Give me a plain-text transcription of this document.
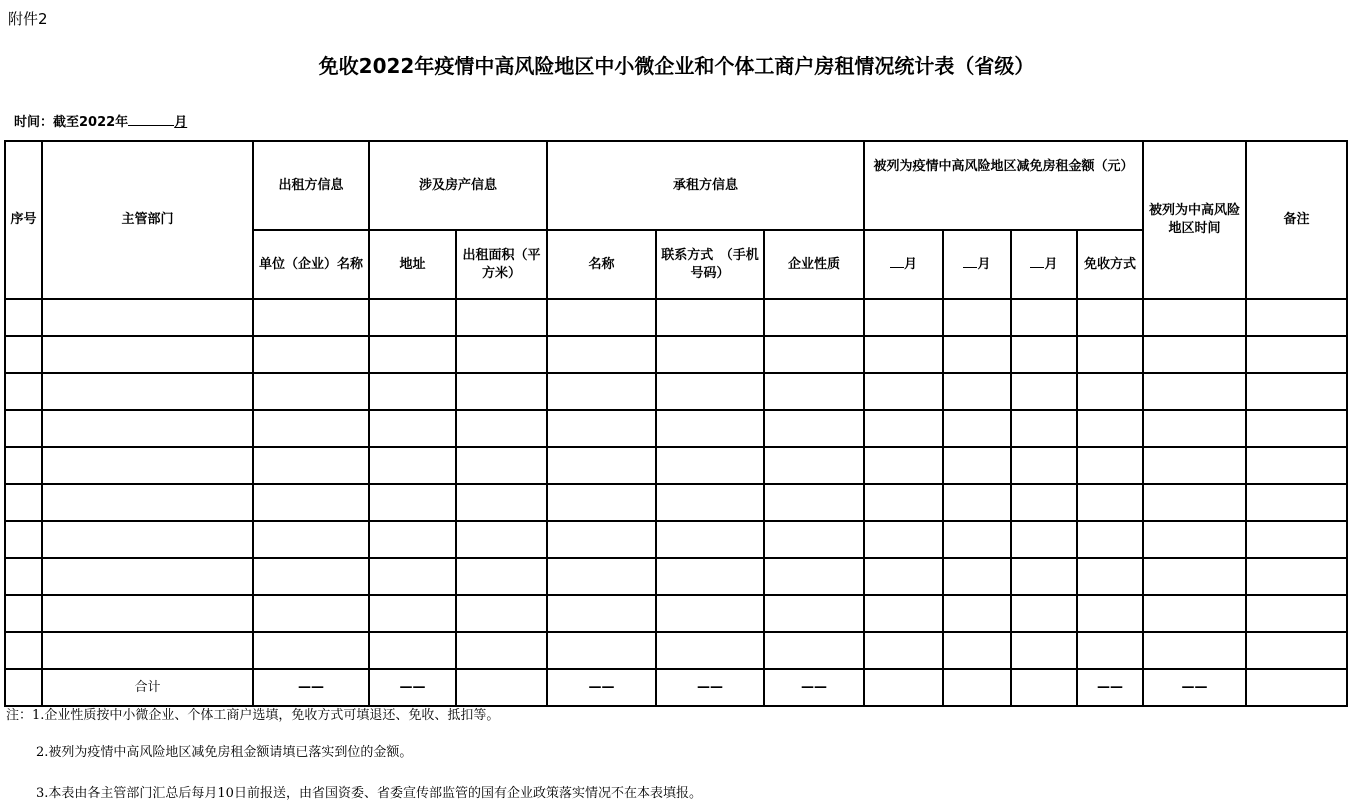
附件2
免收2022年疫情中高风险地区中小微企业和个体工商户房租情况统计表（省级）
时间：截至2022年	月
序号	主管部门	出租方信息	涉及房产信息		承租方信息			被列为疫情中高风险地区减免房租金额（元）				被列为中高风险地区时间	备注
		单位（企业）名称	地址	出租面积（平方米）	名称	联系方式　（手机号码）	企业性质	月	月	月	免收方式		

	合计	——	——		——	——	——				——	——	
注：1.企业性质按中小微企业、个体工商户选填，免收方式可填退还、免收、抵扣等。
2.被列为疫情中高风险地区减免房租金额请填已落实到位的金额。
3.本表由各主管部门汇总后每月10日前报送，由省国资委、省委宣传部监管的国有企业政策落实情况不在本表填报。
